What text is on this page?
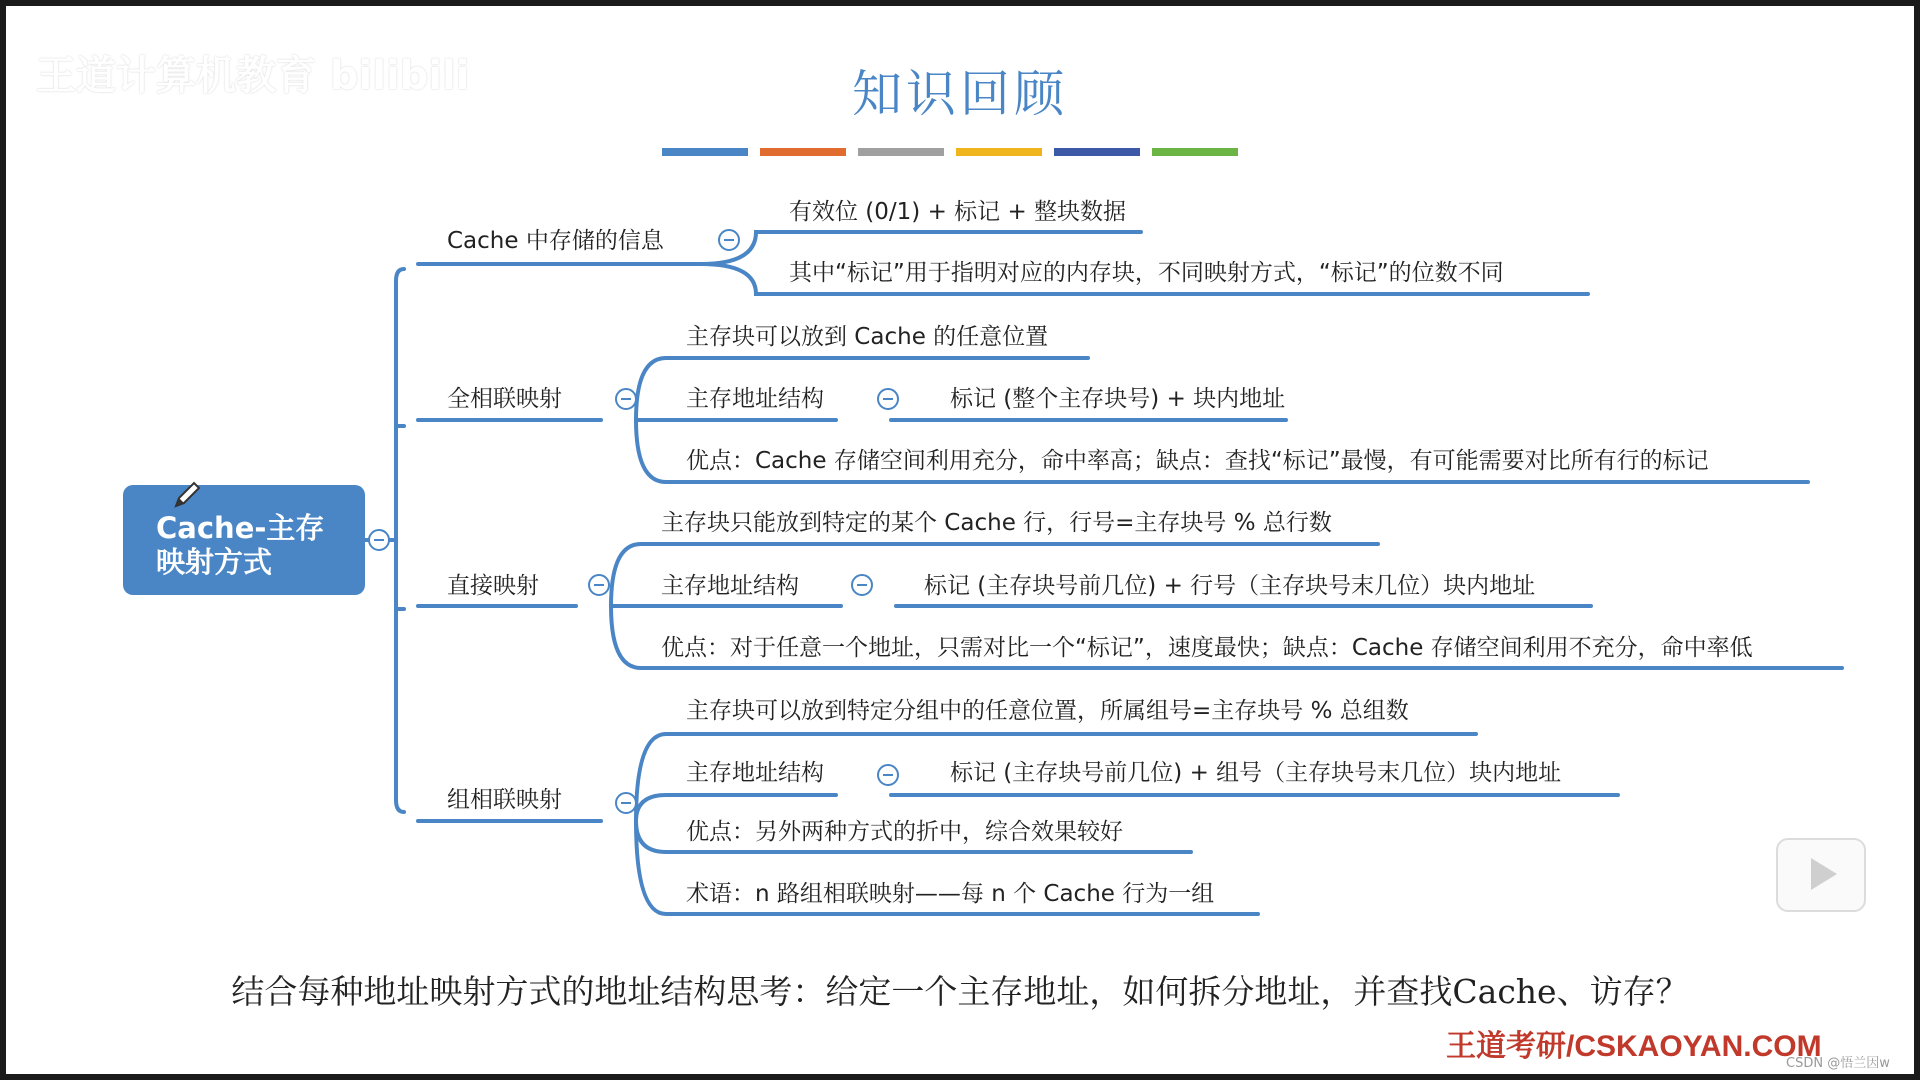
王道计算机教育 bilibili	知识回顾
Cache-主存
映射方式
Cache 中存储的信息
全相联映射
直接映射
组相联映射
有效位 (0/1) + 标记 + 整块数据
其中“标记”用于指明对应的内存块，不同映射方式，“标记”的位数不同
主存块可以放到 Cache 的任意位置
主存地址结构	标记 (整个主存块号) + 块内地址
优点：Cache 存储空间利用充分，命中率高；缺点：查找“标记”最慢，有可能需要对比所有行的标记
主存块只能放到特定的某个 Cache 行，行号=主存块号 % 总行数
主存地址结构	标记 (主存块号前几位) + 行号（主存块号末几位）块内地址
优点：对于任意一个地址，只需对比一个“标记”，速度最快；缺点：Cache 存储空间利用不充分，命中率低
主存块可以放到特定分组中的任意位置，所属组号=主存块号 % 总组数
主存地址结构	标记 (主存块号前几位) + 组号（主存块号末几位）块内地址
优点：另外两种方式的折中，综合效果较好
术语：n 路组相联映射——每 n 个 Cache 行为一组
结合每种地址映射方式的地址结构思考：给定一个主存地址，如何拆分地址，并查找Cache、访存？
王道考研/CSKAOYAN.COM
CSDN @悟兰因w
